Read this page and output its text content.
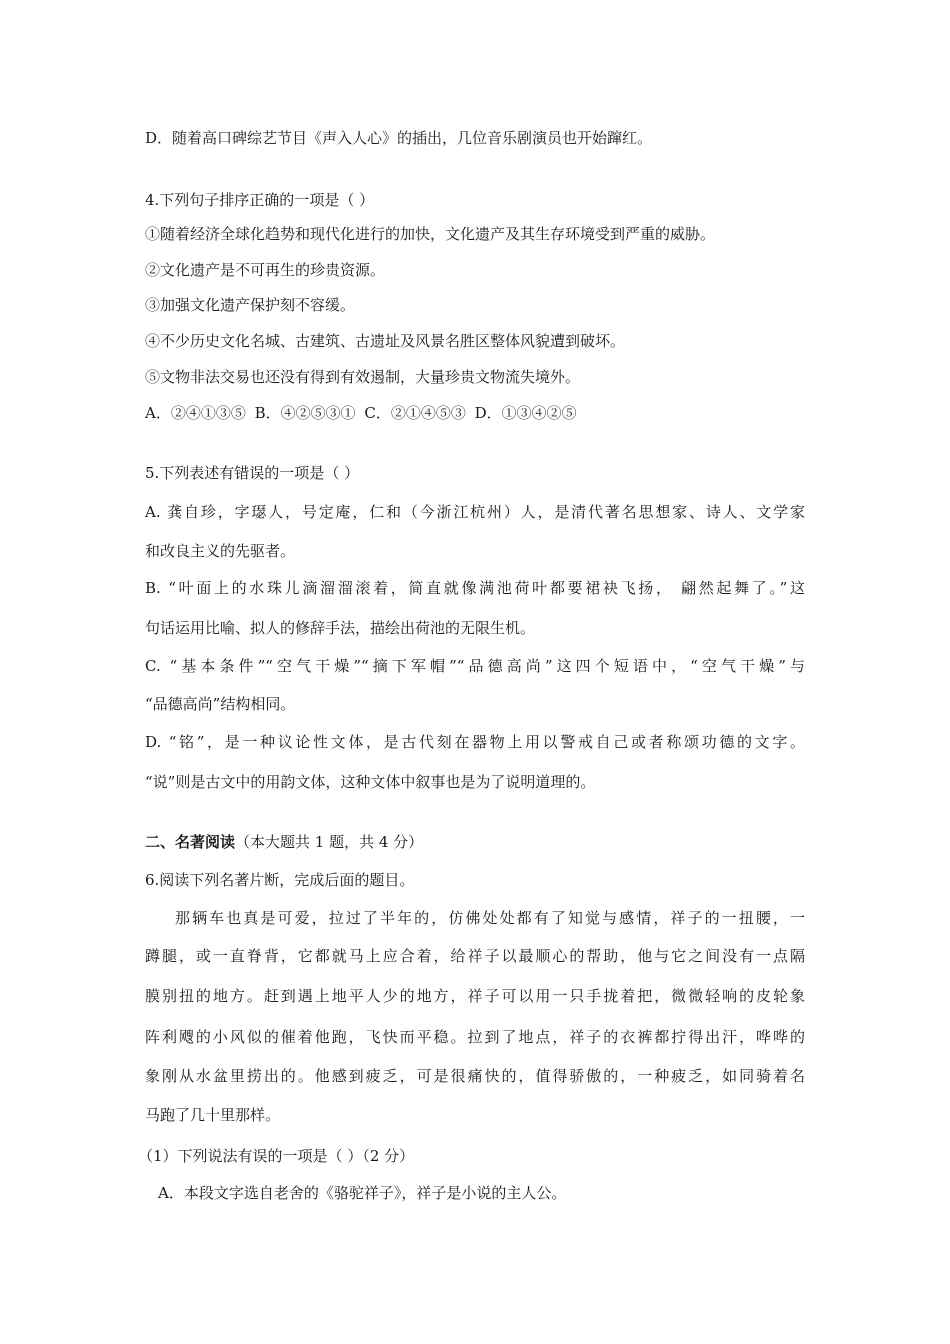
D．随着高口碑综艺节目《声入人心》的插出，几位音乐剧演员也开始蹿红。
4.下列句子排序正确的一项是（ ）
①随着经济全球化趋势和现代化进行的加快，文化遗产及其生存环境受到严重的威胁。
②文化遗产是不可再生的珍贵资源。
③加强文化遗产保护刻不容缓。
④不少历史文化名城、古建筑、古遗址及风景名胜区整体风貌遭到破坏。
⑤文物非法交易也还没有得到有效遏制，大量珍贵文物流失境外。
A．②④①③⑤ B．④②⑤③① C．②①④⑤③ D．①③④②⑤
5.下列表述有错误的一项是（ ）
A. 龚自珍，字璱人，号定庵，仁和（今浙江杭州）人，是清代著名思想家、诗人、文学家
和改良主义的先驱者。
B. “叶面上的水珠儿滴溜溜滚着，简直就像满池荷叶都要裙袂飞扬， 翩然起舞了。”这
句话运用比喻、拟人的修辞手法，描绘出荷池的无限生机。
C. “基本条件”“空气干燥”“摘下军帽”“品德高尚”这四个短语中，“空气干燥”与
“品德高尚”结构相同。
D. “铭”，是一种议论性文体，是古代刻在器物上用以警戒自己或者称颂功德的文字。
“说”则是古文中的用韵文体，这种文体中叙事也是为了说明道理的。
二、名著阅读（本大题共 1 题，共 4 分）
6.阅读下列名著片断，完成后面的题目。
那辆车也真是可爱，拉过了半年的，仿佛处处都有了知觉与感情，祥子的一扭腰，一
蹲腿，或一直脊背，它都就马上应合着，给祥子以最顺心的帮助，他与它之间没有一点隔
膜别扭的地方。赶到遇上地平人少的地方，祥子可以用一只手拢着把，微微轻响的皮轮象
阵利飕的小风似的催着他跑，飞快而平稳。拉到了地点，祥子的衣裤都拧得出汗，哗哗的
象刚从水盆里捞出的。他感到疲乏，可是很痛快的，值得骄傲的，一种疲乏，如同骑着名
马跑了几十里那样。
（1）下列说法有误的一项是（ ）（2 分）
A．本段文字选自老舍的《骆驼祥子》，祥子是小说的主人公。
